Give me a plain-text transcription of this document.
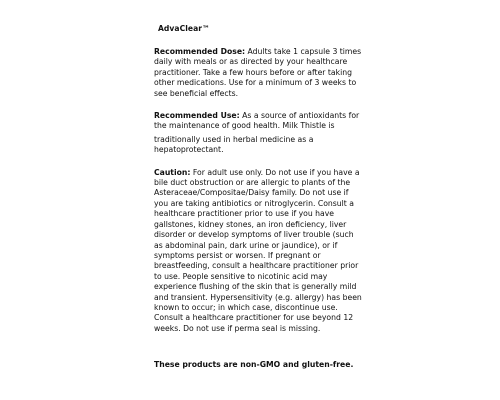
AdvaClear™

Recommended Dose: Adults take 1 capsule 3 times daily with meals or as directed by your healthcare practitioner. Take a few hours before or after taking other medications. Use for a minimum of 3 weeks to see beneficial effects.

Recommended Use: As a source of antioxidants for the maintenance of good health. Milk Thistle is
traditionally used in herbal medicine as a hepatoprotectant.

Caution: For adult use only. Do not use if you have a bile duct obstruction or are allergic to plants of the Asteraceae/Compositae/Daisy family. Do not use if you are taking antibiotics or nitroglycerin. Consult a healthcare practitioner prior to use if you have gallstones, kidney stones, an iron deficiency, liver disorder or develop symptoms of liver trouble (such as abdominal pain, dark urine or jaundice), or if symptoms persist or worsen. If pregnant or breastfeeding, consult a healthcare practitioner prior to use. People sensitive to nicotinic acid may experience flushing of the skin that is generally mild and transient. Hypersensitivity (e.g. allergy) has been known to occur; in which case, discontinue use. Consult a healthcare practitioner for use beyond 12 weeks. Do not use if perma seal is missing.

These products are non-GMO and gluten-free.
